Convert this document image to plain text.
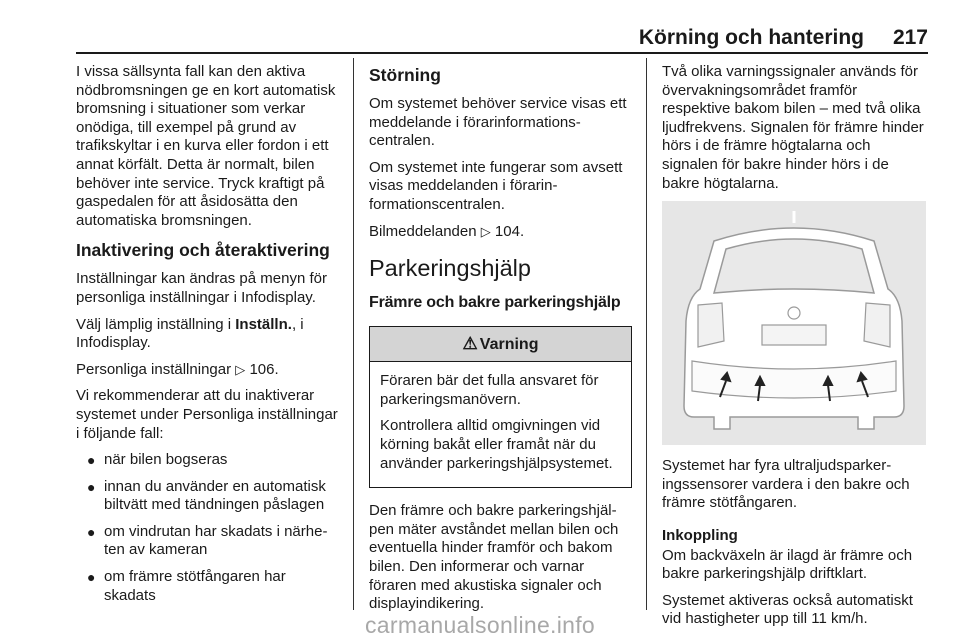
Körning och hantering 217

I vissa sällsynta fall kan den aktiva nödbromsningen ge en kort automatisk bromsning i situationer som verkar onödiga, till exempel på grund av trafikskyltar i en kurva eller fordon i ett annat körfält. Detta är normalt, bilen behöver inte service. Tryck kraftigt på gaspedalen för att åsidosätta den automatiska bromsningen.

Inaktivering och återaktivering

Inställningar kan ändras på menyn för personliga inställningar i Infodisplay.

Välj lämplig inställning i Inställn., i Infodisplay.

Personliga inställningar ▷ 106.

Vi rekommenderar att du inaktiverar systemet under Personliga inställningar i följande fall:

● när bilen bogseras
● innan du använder en automatisk biltvätt med tändningen påslagen
● om vindrutan har skadats i närheten av kameran
● om främre stötfångaren har skadats
Störning

Om systemet behöver service visas ett meddelande i förarinformationscentralen.

Om systemet inte fungerar som avsett visas meddelanden i förarinformationscentralen.

Bilmeddelanden ▷ 104.

Parkeringshjälp
Främre och bakre parkeringshjälp
⚠ Varning

Föraren bär det fulla ansvaret för parkeringsmanövern.

Kontrollera alltid omgivningen vid körning bakåt eller framåt när du använder parkeringshjälpsystemet.

Den främre och bakre parkeringshjälpen mäter avståndet mellan bilen och eventuella hinder framför och bakom bilen. Den informerar och varnar föraren med akustiska signaler och displayindikering.

Två olika varningssignaler används för övervakningsområdet framför respektive bakom bilen – med två olika ljudfrekvens. Signalen för främre hinder hörs i de främre högtalarna och signalen för bakre hinder hörs i de bakre högtalarna.

Systemet har fyra ultraljudsparkeringssensorer vardera i den bakre och främre stötfångaren.

Inkoppling

Om backväxeln är ilagd är främre och bakre parkeringshjälp driftklart.

Systemet aktiveras också automatiskt vid hastigheter upp till 11 km/h.

carmanualsonline.info
